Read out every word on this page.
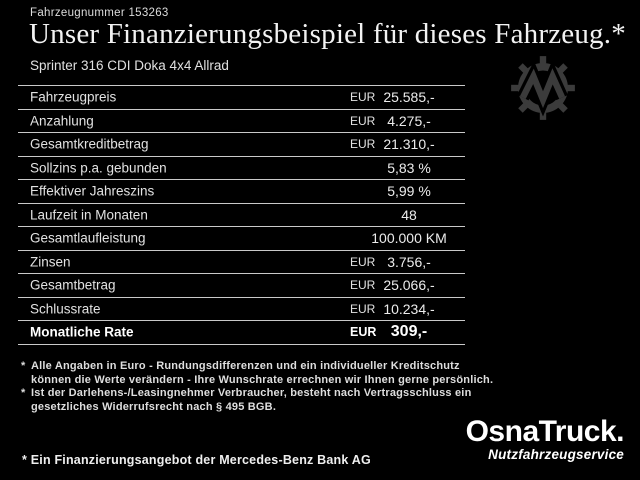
Fahrzeugnummer 153263
Unser Finanzierungsbeispiel für dieses Fahrzeug.*
Sprinter 316 CDI Doka 4x4 Allrad
Fahrzeugpreis	EUR 25.585,-
Anzahlung	EUR 4.275,-
Gesamtkreditbetrag	EUR 21.310,-
Sollzins p.a. gebunden	5,83 %
Effektiver Jahreszins	5,99 %
Laufzeit in Monaten	48
Gesamtlaufleistung	100.000 KM
Zinsen	EUR 3.756,-
Gesamtbetrag	EUR 25.066,-
Schlussrate	EUR 10.234,-
Monatliche Rate	EUR 309,-
* Alle Angaben in Euro - Rundungsdifferenzen und ein individueller Kreditschutz
können die Werte verändern - Ihre Wunschrate errechnen wir Ihnen gerne persönlich.
* Ist der Darlehens-/Leasingnehmer Verbraucher, besteht nach Vertragsschluss ein
gesetzliches Widerrufsrecht nach § 495 BGB.
* Ein Finanzierungsangebot der Mercedes-Benz Bank AG
OsnaTruck.
Nutzfahrzeugservice
